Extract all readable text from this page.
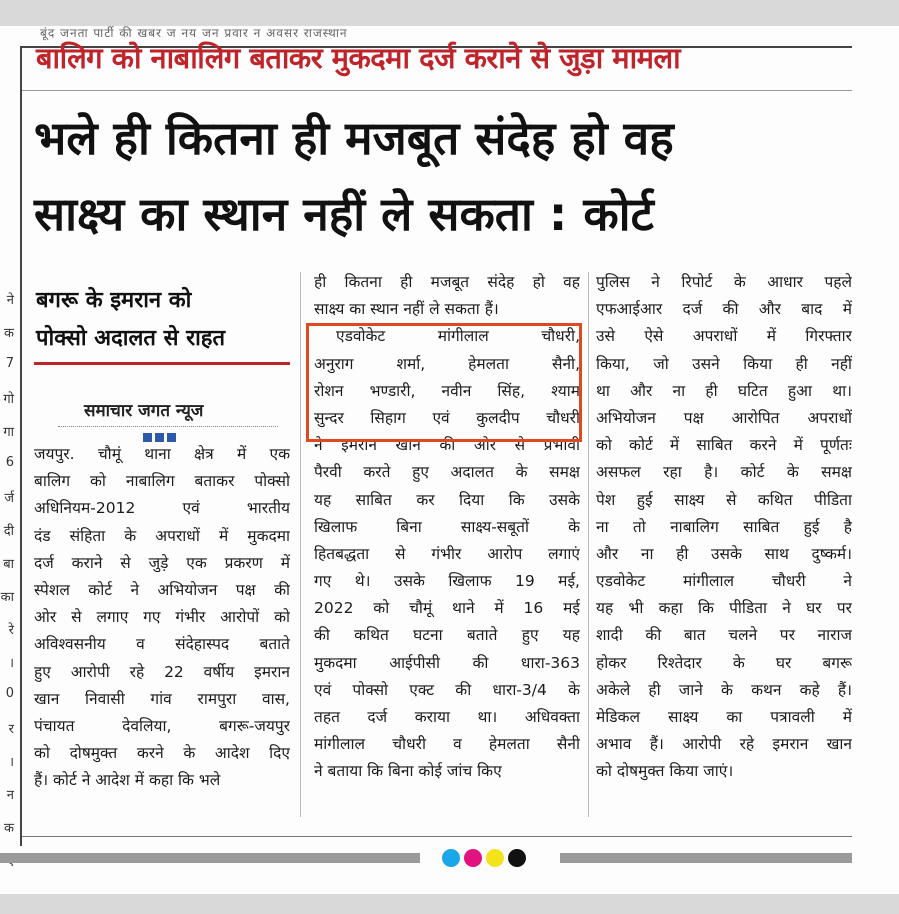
बूंद जनता पार्टी की खबर ज नय जन प्रवार न अवसर राजस्थान
ने
क
7
गो
गा
6
र्ज
दी
बा
का
रे
।
0
र
।
न
क
बालिग को नाबालिग बताकर मुकदमा दर्ज कराने से जुड़ा मामला
भले ही कितना ही मजबूत संदेह हो वह
साक्ष्य का स्थान नहीं ले सकता : कोर्ट
बगरू के इमरान को
पोक्सो अदालत से राहत
समाचार जगत न्यूज
जयपुर. चौमूं थाना क्षेत्र में एक
बालिग को नाबालिग बताकर पोक्सो
अधिनियम-2012 एवं भारतीय
दंड संहिता के अपराधों में मुकदमा
दर्ज कराने से जुड़े एक प्रकरण में
स्पेशल कोर्ट ने अभियोजन पक्ष की
ओर से लगाए गए गंभीर आरोपों को
अविश्वसनीय व संदेहास्पद बताते
हुए आरोपी रहे 22 वर्षीय इमरान
खान निवासी गांव रामपुरा वास,
पंचायत देवलिया, बगरू-जयपुर
को दोषमुक्त करने के आदेश दिए
हैं। कोर्ट ने आदेश में कहा कि भले
ही कितना ही मजबूत संदेह हो वह
साक्ष्य का स्थान नहीं ले सकता हैं।
एडवोकेट मांगीलाल चौधरी,
अनुराग शर्मा, हेमलता सैनी,
रोशन भण्डारी, नवीन सिंह, श्याम
सुन्दर सिहाग एवं कुलदीप चौधरी
ने इमरान खान की ओर से प्रभावी
पैरवी करते हुए अदालत के समक्ष
यह साबित कर दिया कि उसके
खिलाफ बिना साक्ष्य-सबूतों के
हितबद्धता से गंभीर आरोप लगाएं
गए थे। उसके खिलाफ 19 मई,
2022 को चौमूं थाने में 16 मई
की कथित घटना बताते हुए यह
मुकदमा आईपीसी की धारा-363
एवं पोक्सो एक्ट की धारा-3/4 के
तहत दर्ज कराया था। अधिवक्ता
मांगीलाल चौधरी व हेमलता सैनी
ने बताया कि बिना कोई जांच किए
पुलिस ने रिपोर्ट के आधार पहले
एफआईआर दर्ज की और बाद में
उसे ऐसे अपराधों में गिरफ्तार
किया, जो उसने किया ही नहीं
था और ना ही घटित हुआ था।
अभियोजन पक्ष आरोपित अपराधों
को कोर्ट में साबित करने में पूर्णतः
असफल रहा है। कोर्ट के समक्ष
पेश हुई साक्ष्य से कथित पीडिता
ना तो नाबालिग साबित हुई है
और ना ही उसके साथ दुष्कर्म।
एडवोकेट मांगीलाल चौधरी ने
यह भी कहा कि पीडिता ने घर पर
शादी की बात चलने पर नाराज
होकर रिश्तेदार के घर बगरू
अकेले ही जाने के कथन कहे हैं।
मेडिकल साक्ष्य का पत्रावली में
अभाव हैं। आरोपी रहे इमरान खान
को दोषमुक्त किया जाएं।
